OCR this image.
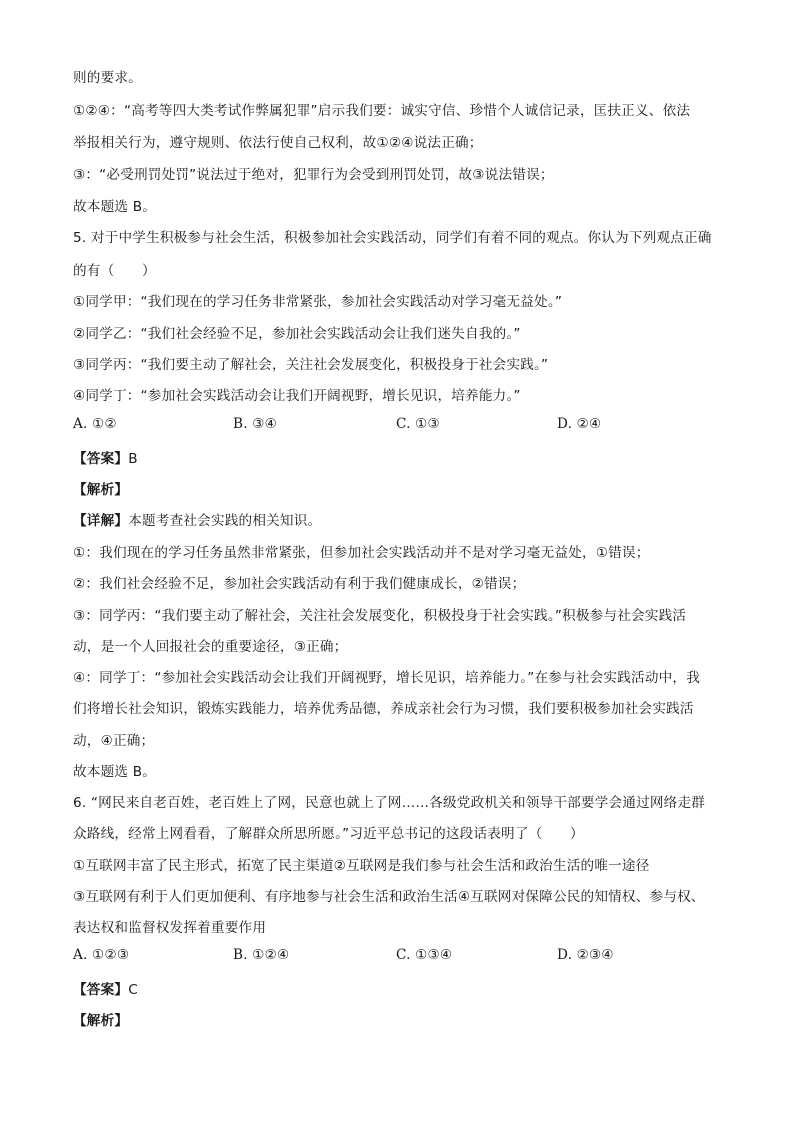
则的要求。
①②④：“高考等四大类考试作弊属犯罪”启示我们要：诚实守信、珍惜个人诚信记录，匡扶正义、依法
举报相关行为，遵守规则、依法行使自己权利，故①②④说法正确；
③：“必受刑罚处罚”说法过于绝对，犯罪行为会受到刑罚处罚，故③说法错误；
故本题选 B。
5. 对于中学生积极参与社会生活，积极参加社会实践活动，同学们有着不同的观点。你认为下列观点正确
的有（　　）
①同学甲：“我们现在的学习任务非常紧张，参加社会实践活动对学习毫无益处。”
②同学乙：“我们社会经验不足，参加社会实践活动会让我们迷失自我的。”
③同学丙：“我们要主动了解社会，关注社会发展变化，积极投身于社会实践。”
④同学丁：“参加社会实践活动会让我们开阔视野，增长见识，培养能力。”
A. ①②	B. ③④	C. ①③	D. ②④
【答案】B
【解析】
【详解】本题考查社会实践的相关知识。
①：我们现在的学习任务虽然非常紧张，但参加社会实践活动并不是对学习毫无益处，①错误；
②：我们社会经验不足，参加社会实践活动有利于我们健康成长，②错误；
③：同学丙：“我们要主动了解社会，关注社会发展变化，积极投身于社会实践。”积极参与社会实践活
动，是一个人回报社会的重要途径，③正确；
④：同学丁：“参加社会实践活动会让我们开阔视野，增长见识，培养能力。”在参与社会实践活动中，我
们将增长社会知识，锻炼实践能力，培养优秀品德，养成亲社会行为习惯，我们要积极参加社会实践活
动，④正确；
故本题选 B。
6. “网民来自老百姓，老百姓上了网，民意也就上了网……各级党政机关和领导干部要学会通过网络走群
众路线，经常上网看看，了解群众所思所愿。”习近平总书记的这段话表明了（　　）
①互联网丰富了民主形式，拓宽了民主渠道②互联网是我们参与社会生活和政治生活的唯一途径
③互联网有利于人们更加便利、有序地参与社会生活和政治生活④互联网对保障公民的知情权、参与权、
表达权和监督权发挥着重要作用
A. ①②③	B. ①②④	C. ①③④	D. ②③④
【答案】C
【解析】
